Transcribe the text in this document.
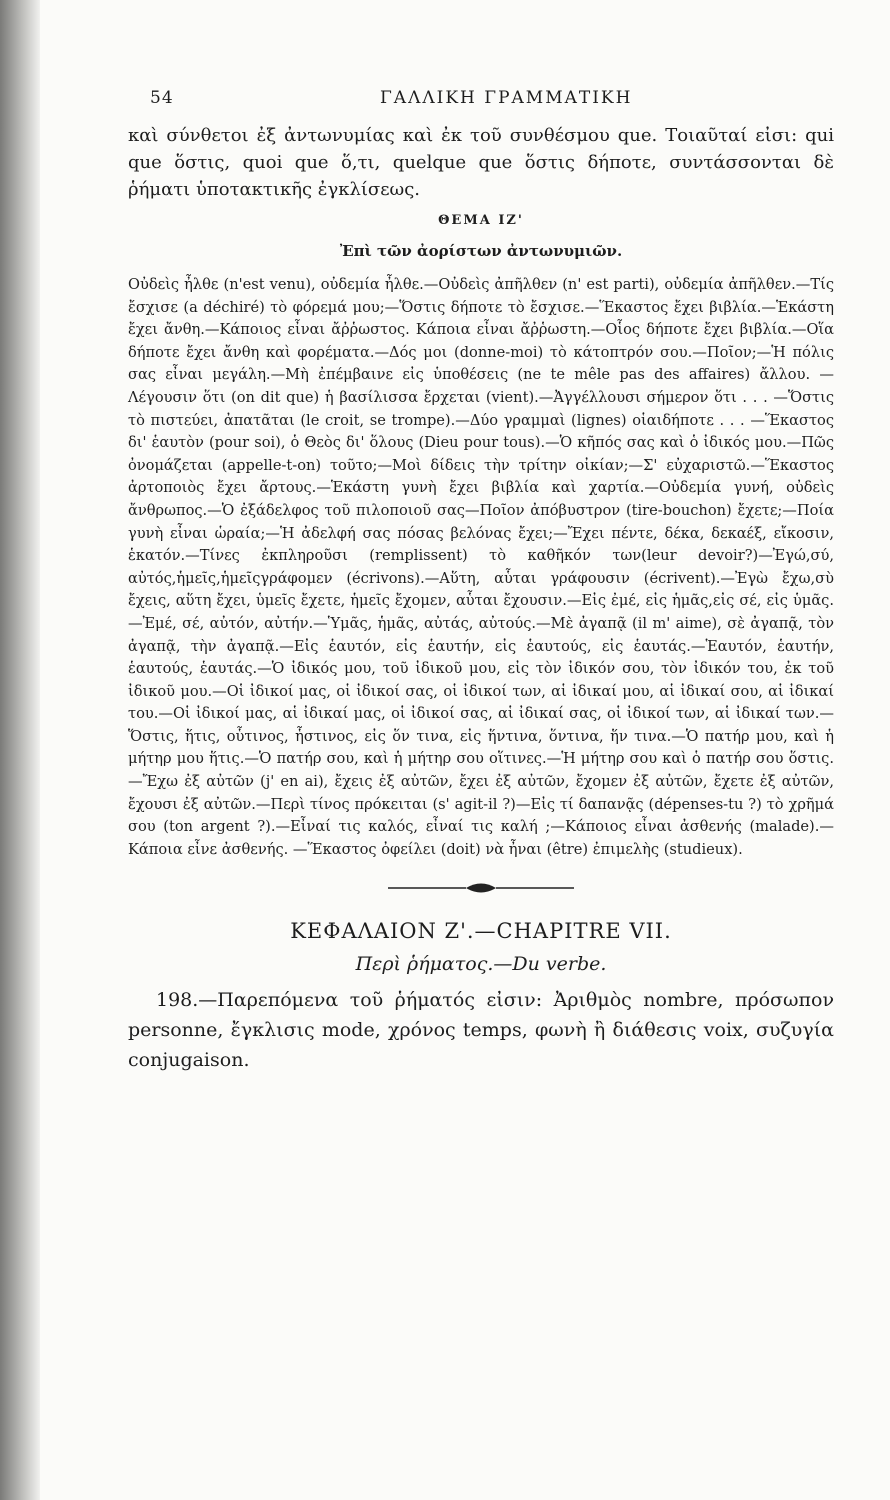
54	ΓΑΛΛΙΚΗ ΓΡΑΜΜΑΤΙΚΗ

καὶ σύνθετοι ἐξ ἀντωνυμίας καὶ ἐκ τοῦ συνθέσμου que. Τοιαῦταί εἰσι: qui que ὅστις, quoi que ὅ,τι, quelque que ὅστις δήποτε, συντάσσονται δὲ ῥήματι ὑποτακτικῆς ἐγκλίσεως.

ΘΕΜΑ ΙΖ'
Ἐπὶ τῶν ἀορίστων ἀντωνυμιῶν.

Οὐδεὶς ἦλθε (n'est venu), οὐδεμία ἦλθε.—Οὐδεὶς ἀπῆλθεν (n' est parti), οὐδεμία ἀπῆλθεν.—Τίς ἔσχισε (a déchiré) τὸ φόρεμά μου;—Ὅστις δήποτε τὸ ἔσχισε.—Ἕκαστος ἔχει βιβλία.—Ἑκάστη ἔχει ἄνθη.—Κάποιος εἶναι ἄῤῥωστος. Κάποια εἶναι ἄῤῥωστη.—Οἷος δήποτε ἔχει βιβλία.—Οἵα δήποτε ἔχει ἄνθη καὶ φορέματα.—Δός μοι (donne-moi) τὸ κάτοπτρόν σου.—Ποῖον;—Ἡ πόλις σας εἶναι μεγάλη.—Μὴ ἐπέμβαινε εἰς ὑποθέσεις (ne te mêle pas des affaires) ἄλλου. —Λέγουσιν ὅτι (on dit que) ἡ βασίλισσα ἔρχεται (vient).—Ἀγγέλλουσι σήμερον ὅτι . . . —Ὅστις τὸ πιστεύει, ἀπατᾶται (le croit, se trompe).—Δύο γραμμαὶ (lignes) οἱαιδήποτε . . . —Ἕκαστος δι' ἑαυτὸν (pour soi), ὁ Θεὸς δι' ὅλους (Dieu pour tous).—Ὁ κῆπός σας καὶ ὁ ἰδικός μου.—Πῶς ὀνομάζεται (appelle-t-on) τοῦτο;—Μοὶ δίδεις τὴν τρίτην οἰκίαν;—Σ' εὐχαριστῶ.—Ἕκαστος ἀρτοποιὸς ἔχει ἄρτους.—Ἑκάστη γυνὴ ἔχει βιβλία καὶ χαρτία.—Οὐδεμία γυνή, οὐδεὶς ἄνθρωπος.—Ὁ ἐξάδελφος τοῦ πιλοποιοῦ σας—Ποῖον ἀπόβυστρον (tire-bouchon) ἔχετε;—Ποία γυνὴ εἶναι ὡραία;—Ἡ ἀδελφή σας πόσας βελόνας ἔχει;—Ἔχει πέντε, δέκα, δεκαέξ, εἴκοσιν, ἑκατόν.—Τίνες ἐκπληροῦσι (remplissent) τὸ καθῆκόν των(leur devoir?)—Ἐγώ,σύ, αὐτός,ἡμεῖς,ἡμεῖςγράφομεν (écrivons).—Αὕτη, αὗται γράφουσιν (écrivent).—Ἐγὼ ἔχω,σὺ ἔχεις, αὕτη ἔχει, ὑμεῖς ἔχετε, ἡμεῖς ἔχομεν, αὗται ἔχουσιν.—Εἰς ἐμέ, εἰς ἡμᾶς,εἰς σέ, εἰς ὑμᾶς.—Ἐμέ, σέ, αὐτόν, αὐτήν.—Ὑμᾶς, ἡμᾶς, αὐτάς, αὐτούς.—Μὲ ἀγαπᾷ (il m' aime), σὲ ἀγαπᾷ, τὸν ἀγαπᾷ, τὴν ἀγαπᾷ.—Εἰς ἑαυτόν, εἰς ἑαυτήν, εἰς ἑαυτούς, εἰς ἑαυτάς.—Ἑαυτόν, ἑαυτήν, ἑαυτούς, ἑαυτάς.—Ὁ ἰδικός μου, τοῦ ἰδικοῦ μου, εἰς τὸν ἰδικόν σου, τὸν ἰδικόν του, ἐκ τοῦ ἰδικοῦ μου.—Οἱ ἰδικοί μας, οἱ ἰδικοί σας, οἱ ἰδικοί των, αἱ ἰδικαί μου, αἱ ἰδικαί σου, αἱ ἰδικαί του.—Οἱ ἰδικοί μας, αἱ ἰδικαί μας, οἱ ἰδικοί σας, αἱ ἰδικαί σας, οἱ ἰδικοί των, αἱ ἰδικαί των.—Ὅστις, ἥτις, οὗτινος, ἧστινος, εἰς ὅν τινα, εἰς ἥντινα, ὅντινα, ἥν τινα.—Ὁ πατήρ μου, καὶ ἡ μήτηρ μου ἥτις.—Ὁ πατήρ σου, καὶ ἡ μήτηρ σου οἵτινες.—Ἡ μήτηρ σου καὶ ὁ πατήρ σου ὅστις.—Ἔχω ἐξ αὐτῶν (j' en ai), ἔχεις ἐξ αὐτῶν, ἔχει ἐξ αὐτῶν, ἔχομεν ἐξ αὐτῶν, ἔχετε ἐξ αὐτῶν, ἔχουσι ἐξ αὐτῶν.—Περὶ τίνος πρόκειται (s' agit-il ?)—Εἰς τί δαπανᾷς (dépenses-tu ?) τὸ χρῆμά σου (ton argent ?).—Εἶναί τις καλός, εἶναί τις καλή ;—Κάποιος εἶναι ἀσθενής (malade).—Κάποια εἶνε ἀσθενής. —Ἕκαστος ὀφείλει (doit) νὰ ἦναι (être) ἐπιμελὴς (studieux).

ΚΕΦΑΛΑΙΟΝ Ζ'.—CHAPITRE VII.
Περὶ ῥήματος.—Du verbe.

198.—Παρεπόμενα τοῦ ῥήματός εἰσιν: Ἀριθμὸς nombre, πρόσωπον personne, ἔγκλισις mode, χρόνος temps, φωνὴ ἢ διάθεσις voix, συζυγία conjugaison.
